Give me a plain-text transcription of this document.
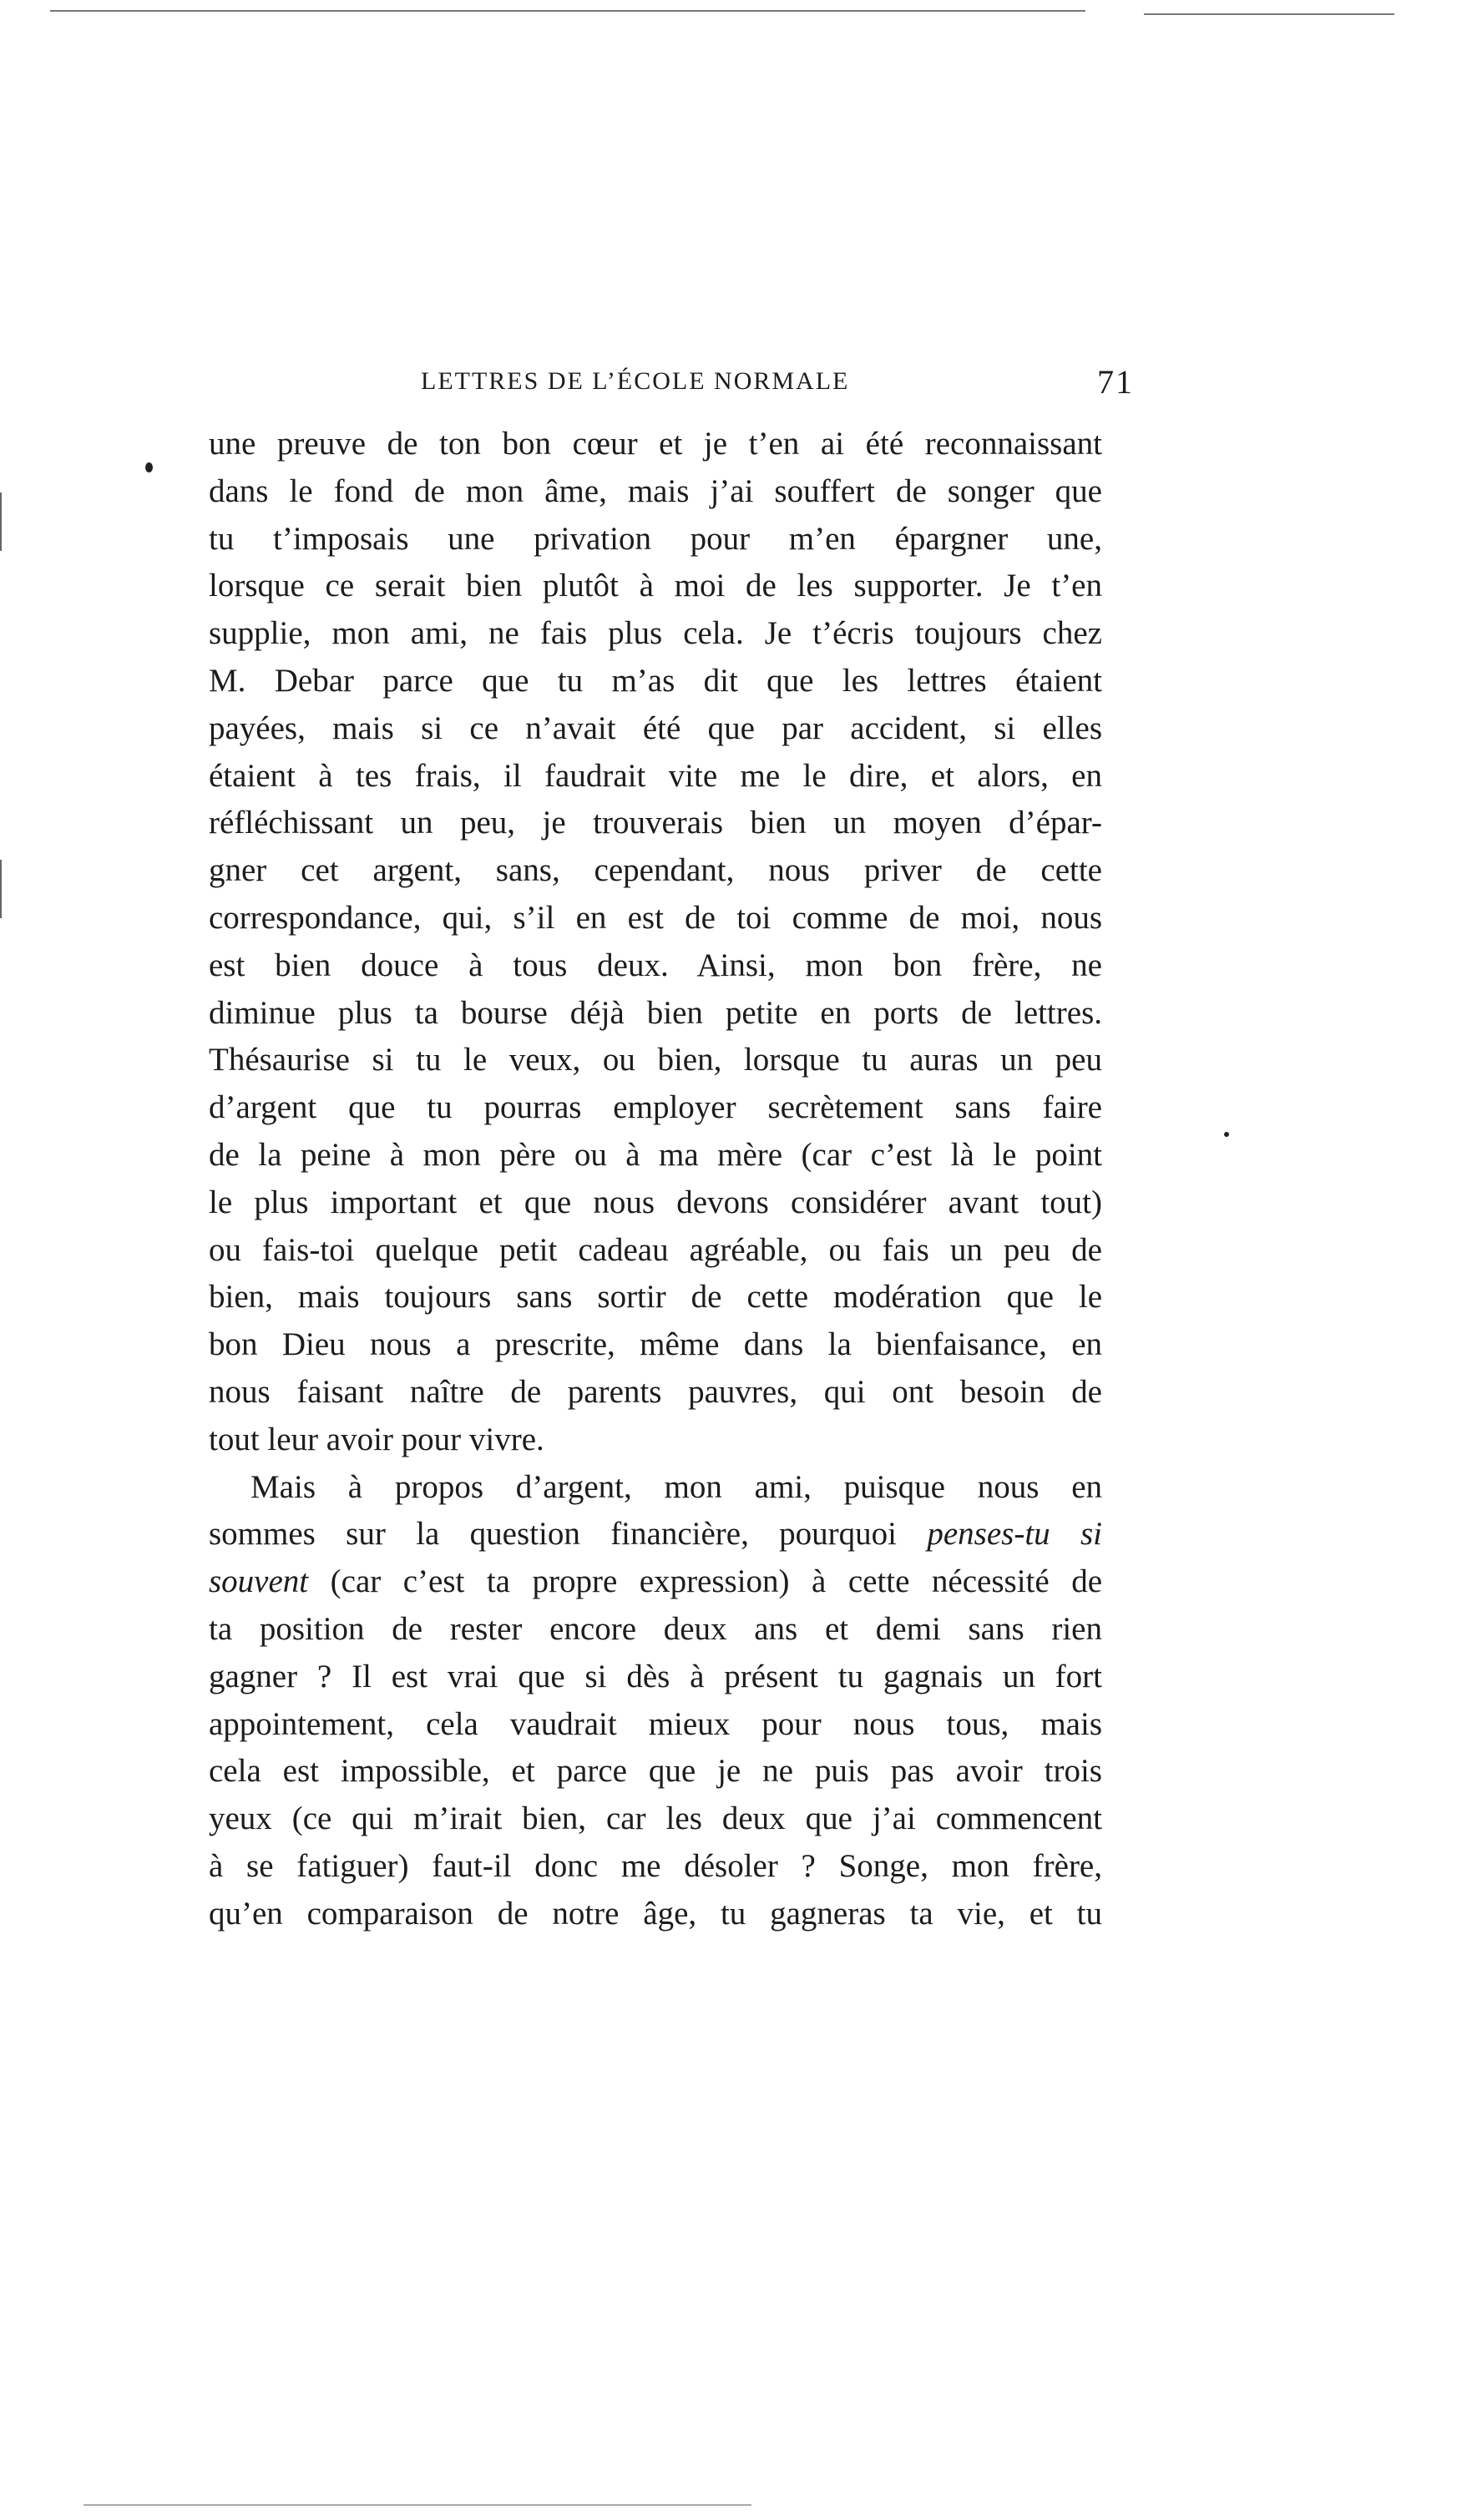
LETTRES DE L’ÉCOLE NORMALE	71
une preuve de ton bon cœur et je t’en ai été reconnaissant
dans le fond de mon âme, mais j’ai souffert de songer que
tu t’imposais une privation pour m’en épargner une,
lorsque ce serait bien plutôt à moi de les supporter. Je t’en
supplie, mon ami, ne fais plus cela. Je t’écris toujours chez
M. Debar parce que tu m’as dit que les lettres étaient
payées, mais si ce n’avait été que par accident, si elles
étaient à tes frais, il faudrait vite me le dire, et alors, en
réfléchissant un peu, je trouverais bien un moyen d’épar-
gner cet argent, sans, cependant, nous priver de cette
correspondance, qui, s’il en est de toi comme de moi, nous
est bien douce à tous deux. Ainsi, mon bon frère, ne
diminue plus ta bourse déjà bien petite en ports de lettres.
Thésaurise si tu le veux, ou bien, lorsque tu auras un peu
d’argent que tu pourras employer secrètement sans faire
de la peine à mon père ou à ma mère (car c’est là le point
le plus important et que nous devons considérer avant tout)
ou fais-toi quelque petit cadeau agréable, ou fais un peu de
bien, mais toujours sans sortir de cette modération que le
bon Dieu nous a prescrite, même dans la bienfaisance, en
nous faisant naître de parents pauvres, qui ont besoin de
tout leur avoir pour vivre.
Mais à propos d’argent, mon ami, puisque nous en
sommes sur la question financière, pourquoi penses-tu si
souvent (car c’est ta propre expression) à cette nécessité de
ta position de rester encore deux ans et demi sans rien
gagner ? Il est vrai que si dès à présent tu gagnais un fort
appointement, cela vaudrait mieux pour nous tous, mais
cela est impossible, et parce que je ne puis pas avoir trois
yeux (ce qui m’irait bien, car les deux que j’ai commencent
à se fatiguer) faut-il donc me désoler ? Songe, mon frère,
qu’en comparaison de notre âge, tu gagneras ta vie, et tu
